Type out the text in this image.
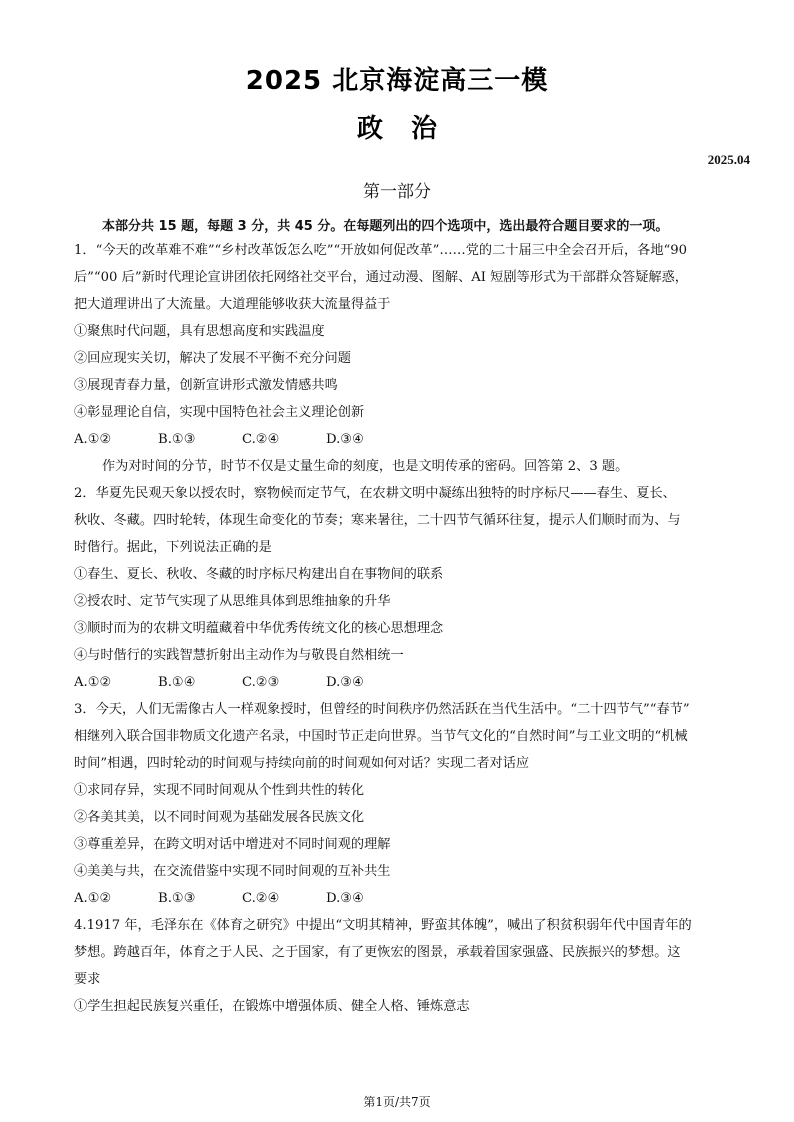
2025 北京海淀高三一模
政治
2025.04
第一部分
本部分共 15 题，每题 3 分，共 45 分。在每题列出的四个选项中，选出最符合题目要求的一项。
1．“今天的改革难不难”“乡村改革饭怎么吃”“开放如何促改革”……党的二十届三中全会召开后，各地“90
后”“00 后”新时代理论宣讲团依托网络社交平台，通过动漫、图解、AI 短剧等形式为干部群众答疑解惑，
把大道理讲出了大流量。大道理能够收获大流量得益于
①聚焦时代问题，具有思想高度和实践温度
②回应现实关切，解决了发展不平衡不充分问题
③展现青春力量，创新宣讲形式激发情感共鸣
④彰显理论自信，实现中国特色社会主义理论创新
A.①②	B.①③	C.②④	D.③④
作为对时间的分节，时节不仅是丈量生命的刻度，也是文明传承的密码。回答第 2、3 题。
2．华夏先民观天象以授农时，察物候而定节气，在农耕文明中凝练出独特的时序标尺——春生、夏长、
秋收、冬藏。四时轮转，体现生命变化的节奏；寒来暑往，二十四节气循环往复，提示人们顺时而为、与
时偕行。据此，下列说法正确的是
①春生、夏长、秋收、冬藏的时序标尺构建出自在事物间的联系
②授农时、定节气实现了从思维具体到思维抽象的升华
③顺时而为的农耕文明蕴藏着中华优秀传统文化的核心思想理念
④与时偕行的实践智慧折射出主动作为与敬畏自然相统一
A.①②	B.①④	C.②③	D.③④
3．今天，人们无需像古人一样观象授时，但曾经的时间秩序仍然活跃在当代生活中。“二十四节气”“春节”
相继列入联合国非物质文化遗产名录，中国时节正走向世界。当节气文化的“自然时间”与工业文明的“机械
时间”相遇，四时轮动的时间观与持续向前的时间观如何对话？实现二者对话应
①求同存异，实现不同时间观从个性到共性的转化
②各美其美，以不同时间观为基础发展各民族文化
③尊重差异，在跨文明对话中增进对不同时间观的理解
④美美与共，在交流借鉴中实现不同时间观的互补共生
A.①②	B.①③	C.②④	D.③④
4.1917 年，毛泽东在《体育之研究》中提出“文明其精神，野蛮其体魄”，喊出了积贫积弱年代中国青年的
梦想。跨越百年，体育之于人民、之于国家，有了更恢宏的图景，承载着国家强盛、民族振兴的梦想。这
要求
①学生担起民族复兴重任，在锻炼中增强体质、健全人格、锤炼意志
第1页/共7页
